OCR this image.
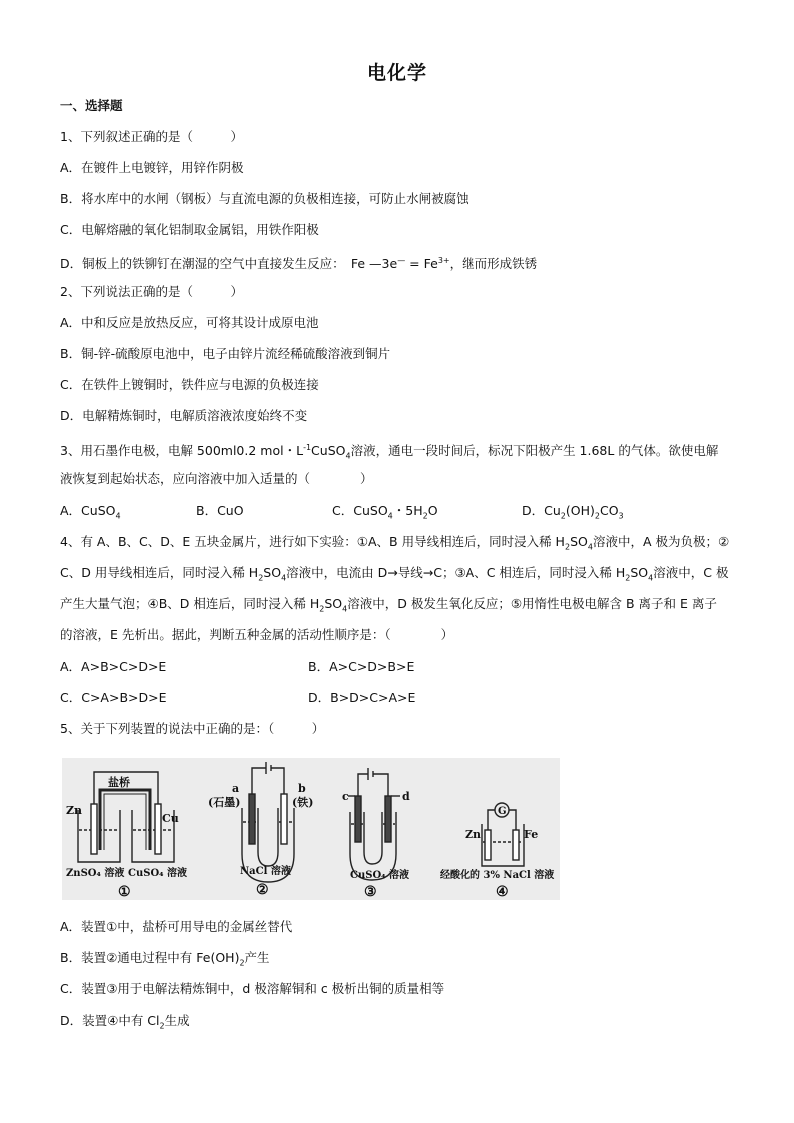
电化学
一、选择题
1、下列叙述正确的是（　　　）
A．在镀件上电镀锌，用锌作阴极
B．将水库中的水闸（钢板）与直流电源的负极相连接，可防止水闸被腐蚀
C．电解熔融的氧化铝制取金属铝，用铁作阳极
D．铜板上的铁铆钉在潮湿的空气中直接发生反应：　Fe —3e— = $Fe^{3+}$，继而形成铁锈
2、下列说法正确的是（　　　）
A．中和反应是放热反应，可将其设计成原电池
B．铜-锌-硫酸原电池中，电子由锌片流经稀硫酸溶液到铜片
C．在铁件上镀铜时，铁件应与电源的负极连接
D．电解精炼铜时，电解质溶液浓度始终不变
3、用石墨作电极，电解 500ml0.2 mol・$L^{-1}CuSO_4$溶液，通电一段时间后，标况下阳极产生 1.68L 的气体。欲使电解
液恢复到起始状态，应向溶液中加入适量的（　　　　）
A．CuSO$_4$	B．CuO	C．CuSO$_4$・$5H_2O$	D．$Cu_2(OH)_2CO_3$
4、有 A、B、C、D、E 五块金属片，进行如下实验：①A、B 用导线相连后，同时浸入稀 $H_2SO_4$溶液中，A 极为负极；②
C、D 用导线相连后，同时浸入稀 $H_2SO_4$溶液中，电流由 D→导线→C；③A、C 相连后，同时浸入稀 $H_2SO_4$溶液中，C 极
产生大量气泡；④B、D 相连后，同时浸入稀 $H_2SO_4$溶液中，D 极发生氧化反应；⑤用惰性电极电解含 B 离子和 E 离子
的溶液，E 先析出。据此，判断五种金属的活动性顺序是：（　　　　）
A．A>B>C>D>E	B．A>C>D>B>E
C．C>A>B>D>E	D．B>D>C>A>E
5、关于下列装置的说法中正确的是：（　　　）
盐桥
Zn
Cu
ZnSO₄ 溶液 CuSO₄ 溶液
①
a
(石墨)
b
(铁)
NaCl 溶液
②
c	d
CuSO₄ 溶液
③
G
Zn	Fe
经酸化的 3% NaCl 溶液
④
A．装置①中，盐桥可用导电的金属丝替代
B．装置②通电过程中有 $Fe(OH)_2$产生
C．装置③用于电解法精炼铜中，d 极溶解铜和 c 极析出铜的质量相等
D．装置④中有 $Cl_2$生成
